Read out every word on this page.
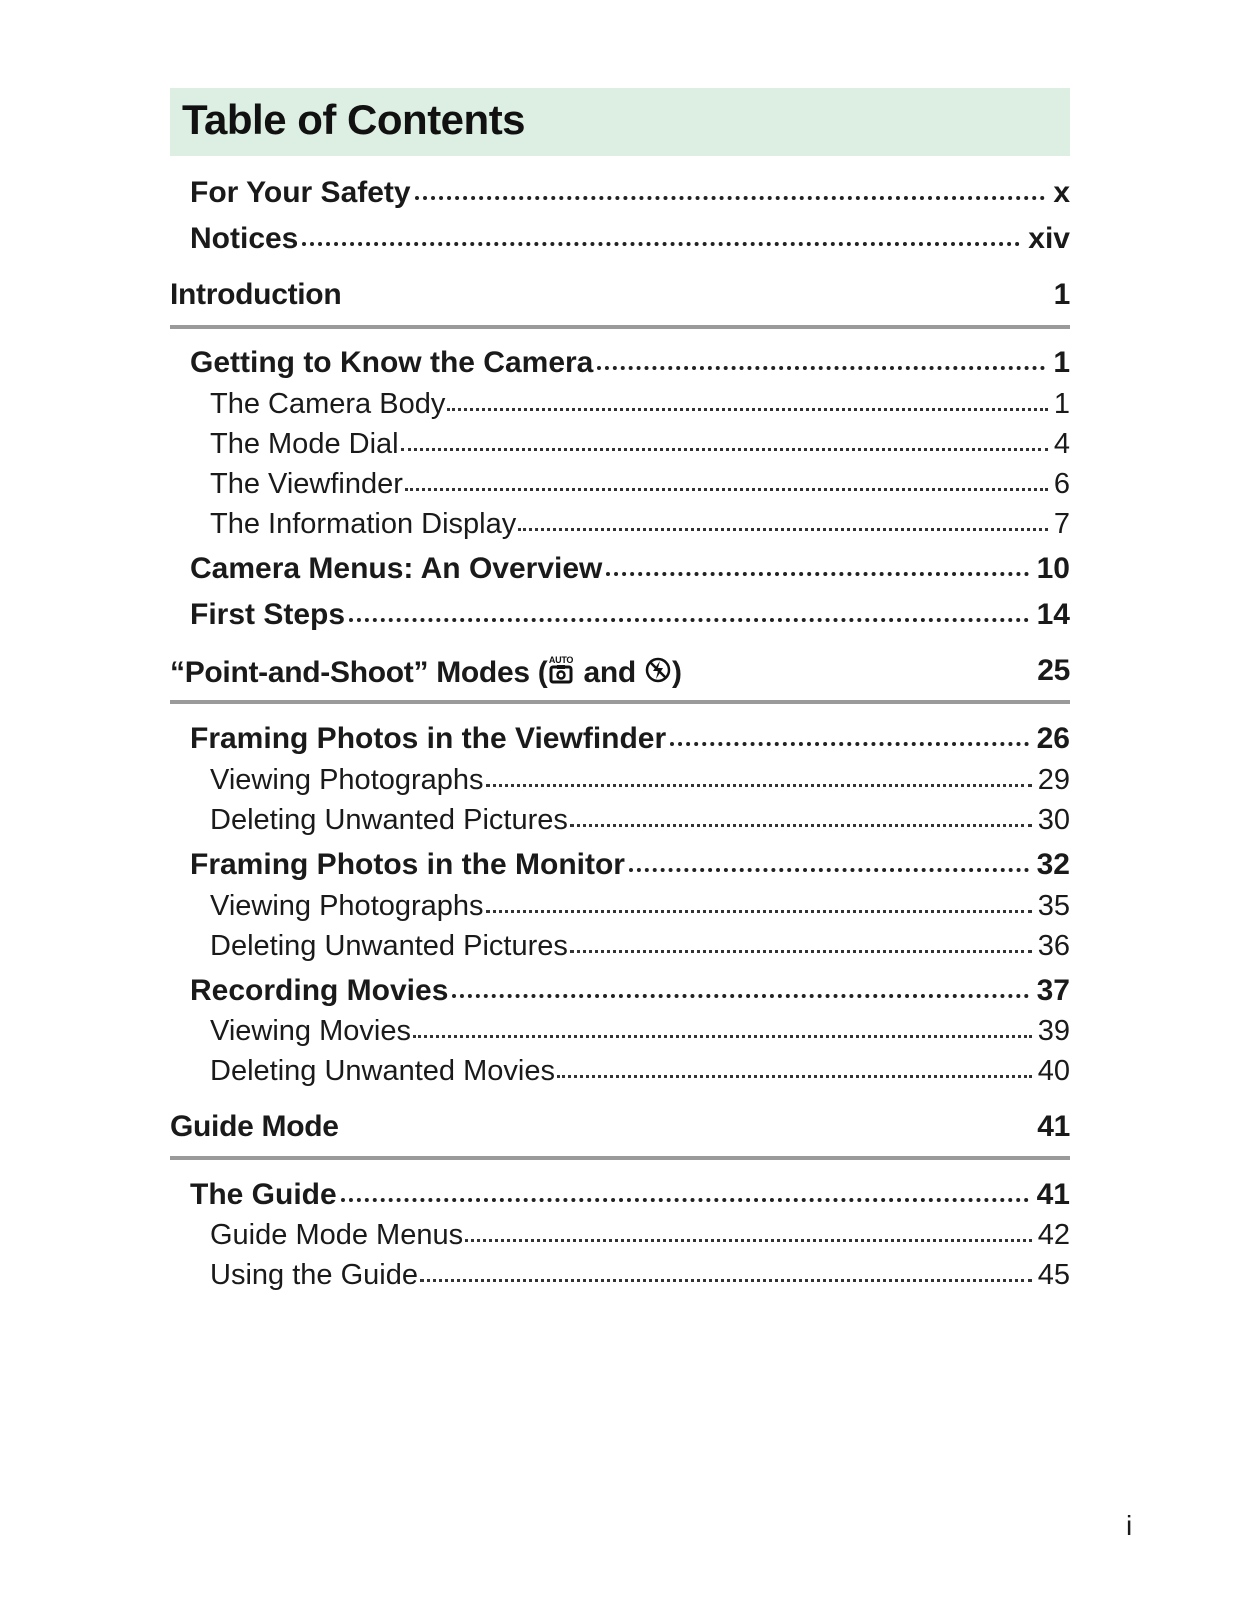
Table of Contents
For Your Safety	x
Notices	xiv
Introduction	1
Getting to Know the Camera	1
The Camera Body	1
The Mode Dial	4
The Viewfinder	6
The Information Display	7
Camera Menus: An Overview	10
First Steps	14
“Point-and-Shoot” Modes ( AUTO and )	25
Framing Photos in the Viewfinder	26
Viewing Photographs	29
Deleting Unwanted Pictures	30
Framing Photos in the Monitor	32
Viewing Photographs	35
Deleting Unwanted Pictures	36
Recording Movies	37
Viewing Movies	39
Deleting Unwanted Movies	40
Guide Mode	41
The Guide	41
Guide Mode Menus	42
Using the Guide	45
i
